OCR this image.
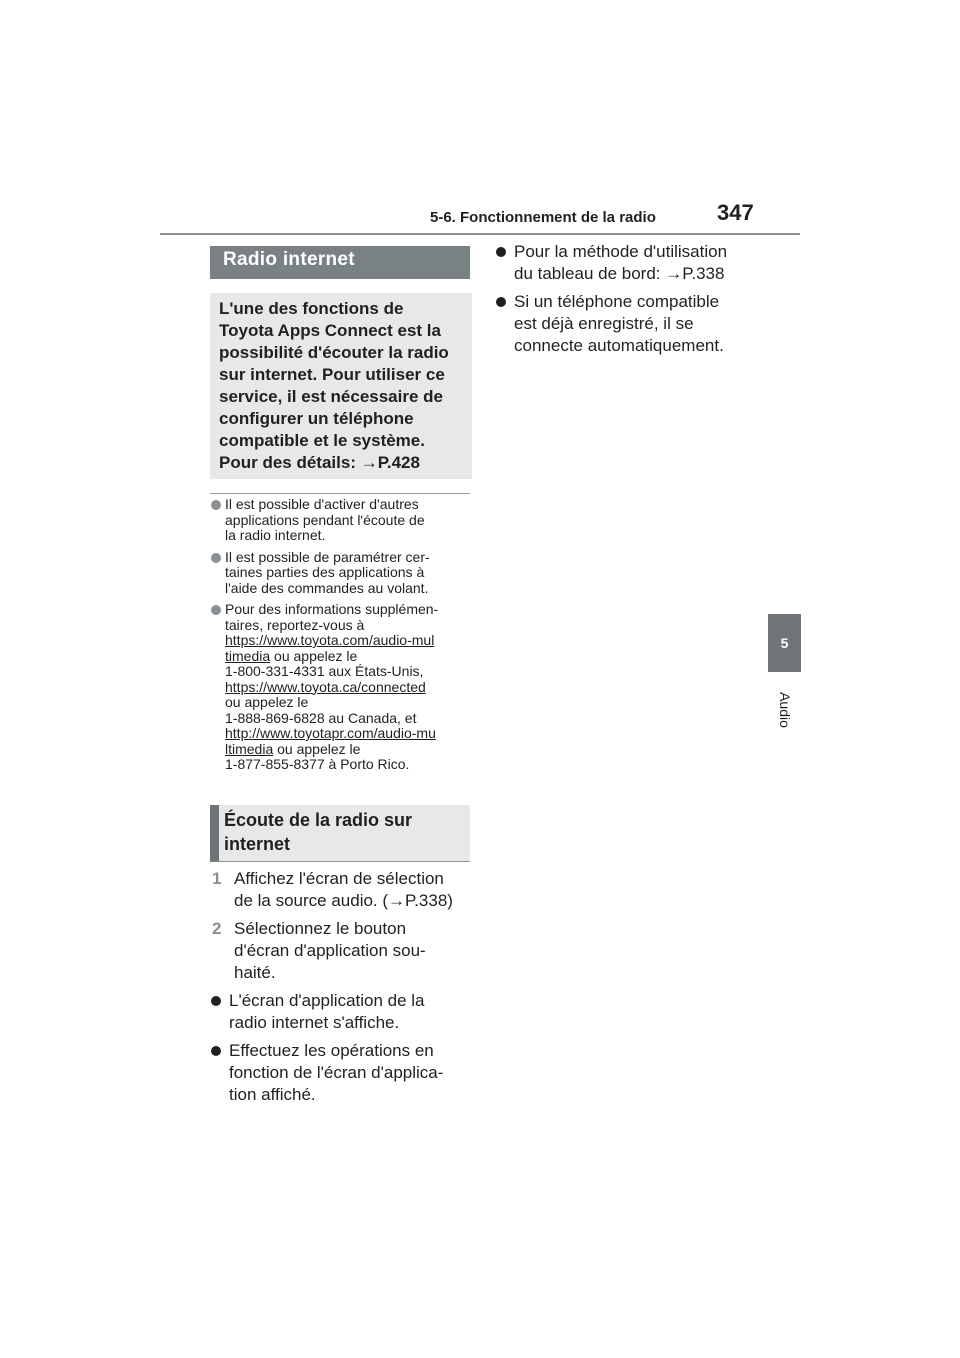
5-6. Fonctionnement de la radio	347
5
Audio
Radio internet
L'une des fonctions de
Toyota Apps Connect est la
possibilité d'écouter la radio
sur internet. Pour utiliser ce
service, il est nécessaire de
configurer un téléphone
compatible et le système.
Pour des détails: →P.428
Il est possible d'activer d'autres
applications pendant l'écoute de
la radio internet.
Il est possible de paramétrer cer-
taines parties des applications à
l'aide des commandes au volant.
Pour des informations supplémen-
taires, reportez-vous à
https://www.toyota.com/audio-mul
timedia ou appelez le
1-800-331-4331 aux États-Unis,
https://www.toyota.ca/connected
ou appelez le
1-888-869-6828 au Canada, et
http://www.toyotapr.com/audio-mu
ltimedia ou appelez le
1-877-855-8377 à Porto Rico.
Écoute de la radio sur
internet
1 Affichez l'écran de sélection
de la source audio. (→P.338)
2 Sélectionnez le bouton
d'écran d'application sou-
haité.
L'écran d'application de la
radio internet s'affiche.
Effectuez les opérations en
fonction de l'écran d'applica-
tion affiché.
Pour la méthode d'utilisation
du tableau de bord: →P.338
Si un téléphone compatible
est déjà enregistré, il se
connecte automatiquement.
